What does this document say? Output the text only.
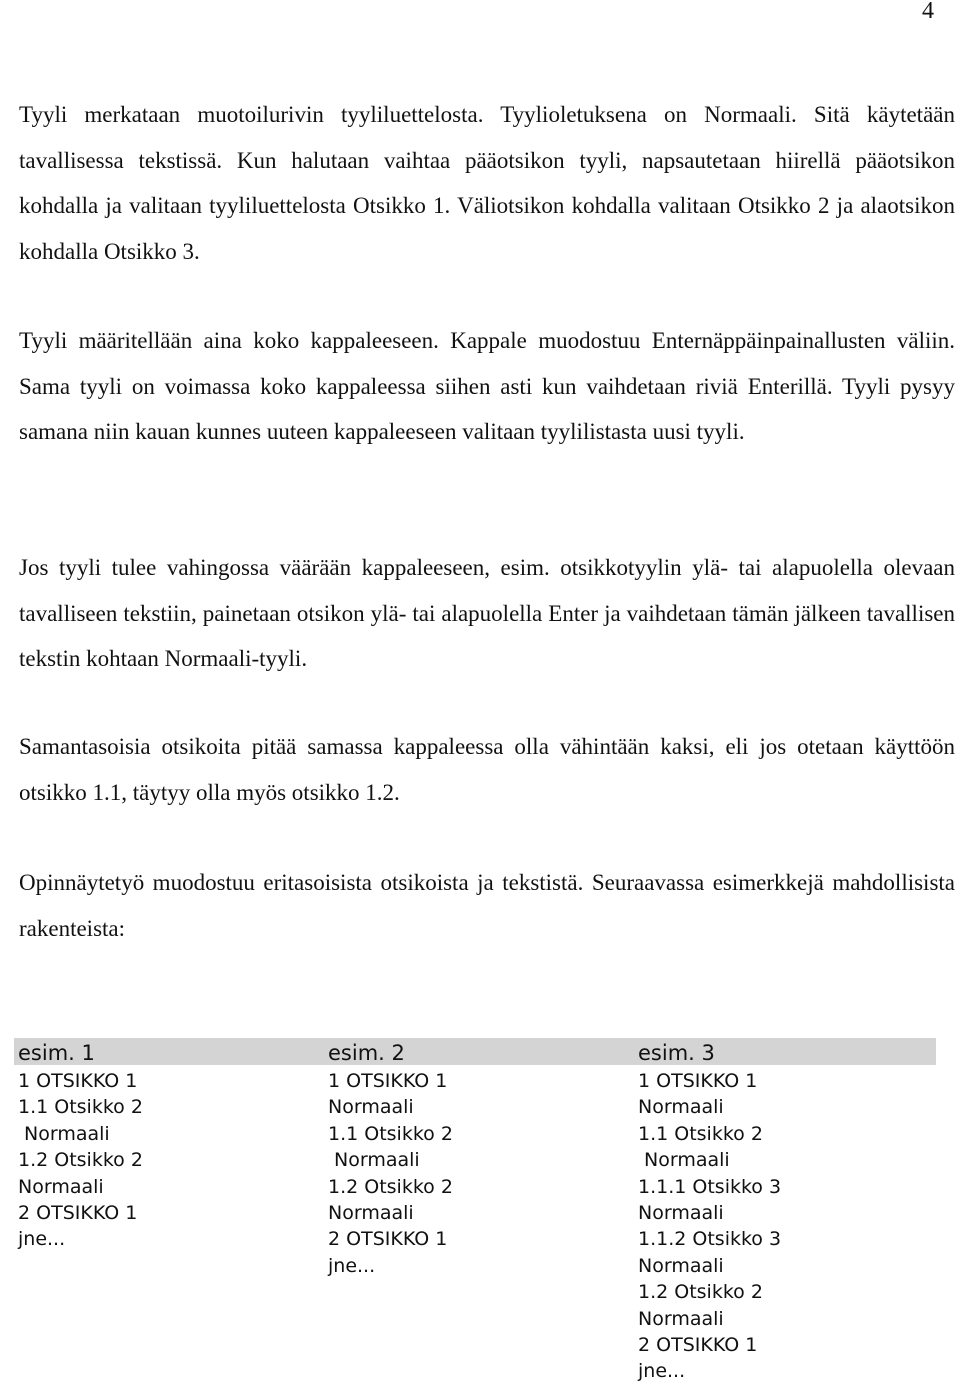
4

Tyyli merkataan muotoilurivin tyyliluettelosta. Tyylioletuksena on Normaali. Sitä käytetään tavallisessa tekstissä. Kun halutaan vaihtaa pääotsikon tyyli, napsautetaan hiirellä pääotsikon kohdalla ja valitaan tyyliluettelosta Otsikko 1. Väliotsikon kohdalla valitaan Otsikko 2 ja alaotsikon kohdalla Otsikko 3.

Tyyli määritellään aina koko kappaleeseen. Kappale muodostuu Enternäppäinpainallusten väliin. Sama tyyli on voimassa koko kappaleessa siihen asti kun vaihdetaan riviä Enterillä. Tyyli pysyy samana niin kauan kunnes uuteen kappaleeseen valitaan tyylilistasta uusi tyyli.

Jos tyyli tulee vahingossa väärään kappaleeseen, esim. otsikkotyylin ylä- tai alapuolella olevaan tavalliseen tekstiin, painetaan otsikon ylä- tai alapuolella Enter ja vaihdetaan tämän jälkeen tavallisen tekstin kohtaan Normaali-tyyli.

Samantasoisia otsikoita pitää samassa kappaleessa olla vähintään kaksi, eli jos otetaan käyttöön otsikko 1.1, täytyy olla myös otsikko 1.2.

Opinnäytetyö muodostuu eritasoisista otsikoista ja tekstistä. Seuraavassa esimerkkejä mahdollisista rakenteista:

esim. 1	esim. 2	esim. 3
1 OTSIKKO 1
1.1 Otsikko 2
Normaali
1.2 Otsikko 2
Normaali
2 OTSIKKO 1
jne...
1 OTSIKKO 1
Normaali
1.1 Otsikko 2
Normaali
1.2 Otsikko 2
Normaali
2 OTSIKKO 1
jne...
1 OTSIKKO 1
Normaali
1.1 Otsikko 2
Normaali
1.1.1 Otsikko 3
Normaali
1.1.2 Otsikko 3
Normaali
1.2 Otsikko 2
Normaali
2 OTSIKKO 1
jne...
